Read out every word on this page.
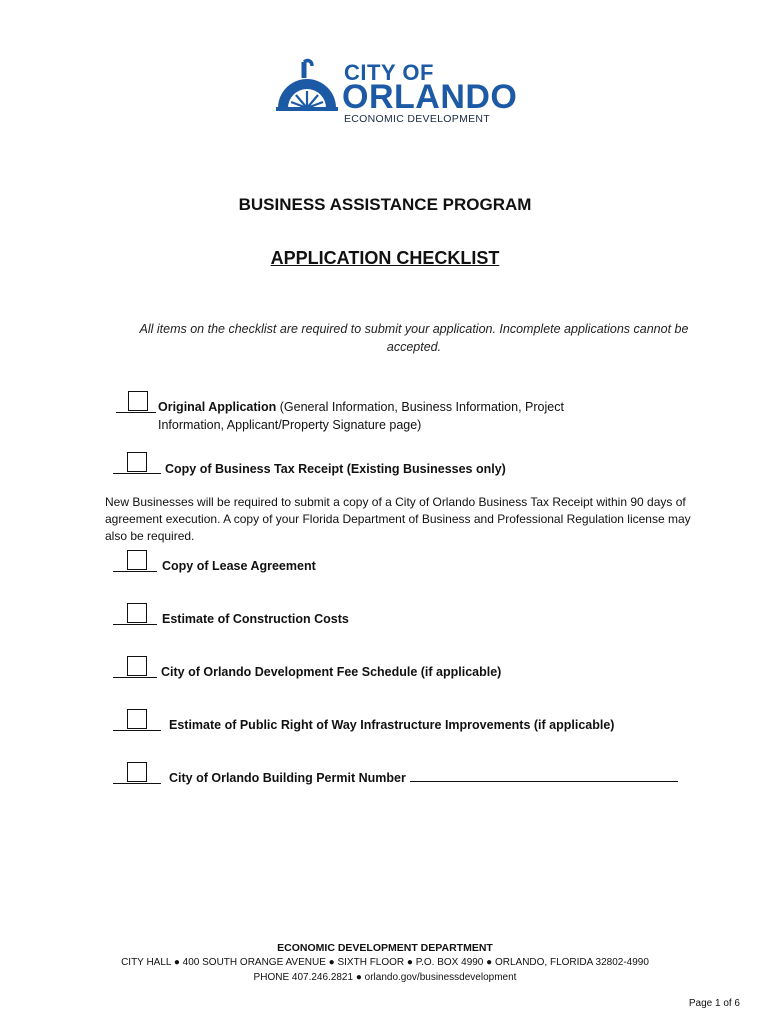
CITY OF
ORLANDO
ECONOMIC DEVELOPMENT
BUSINESS ASSISTANCE PROGRAM
APPLICATION CHECKLIST
All items on the checklist are required to submit your application. Incomplete applications cannot be accepted.
Original Application (General Information, Business Information, Project Information, Applicant/Property Signature page)
Copy of Business Tax Receipt (Existing Businesses only)
New Businesses will be required to submit a copy of a City of Orlando Business Tax Receipt within 90 days of agreement execution. A copy of your Florida Department of Business and Professional Regulation license may also be required.
Copy of Lease Agreement
Estimate of Construction Costs
City of Orlando Development Fee Schedule (if applicable)
Estimate of Public Right of Way Infrastructure Improvements (if applicable)
City of Orlando Building Permit Number
ECONOMIC DEVELOPMENT DEPARTMENT
CITY HALL ● 400 SOUTH ORANGE AVENUE ● SIXTH FLOOR ● P.O. BOX 4990 ● ORLANDO, FLORIDA 32802-4990
PHONE 407.246.2821 ● orlando.gov/businessdevelopment
Page 1 of 6
